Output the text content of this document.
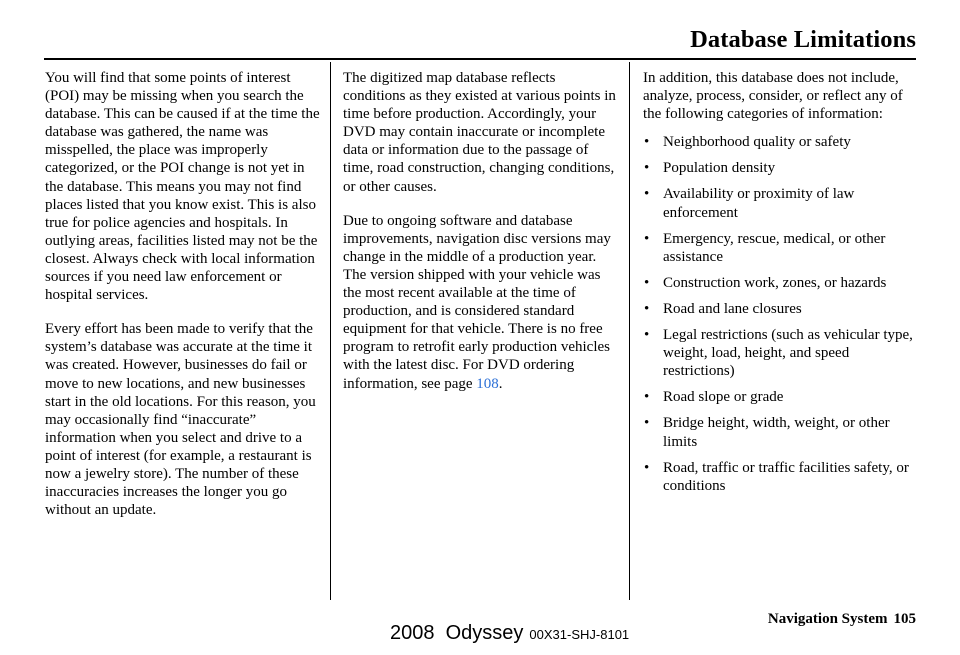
Database Limitations

You will find that some points of interest (POI) may be missing when you search the database. This can be caused if at the time the database was gathered, the name was misspelled, the place was improperly categorized, or the POI change is not yet in the database. This means you may not find places listed that you know exist. This is also true for police agencies and hospitals. In outlying areas, facilities listed may not be the closest. Always check with local information sources if you need law enforcement or hospital services.

Every effort has been made to verify that the system’s database was accurate at the time it was created. However, businesses do fail or move to new locations, and new businesses start in the old locations. For this reason, you may occasionally find “inaccurate” information when you select and drive to a point of interest (for example, a restaurant is now a jewelry store). The number of these inaccuracies increases the longer you go without an update.

The digitized map database reflects conditions as they existed at various points in time before production. Accordingly, your DVD may contain inaccurate or incomplete data or information due to the passage of time, road construction, changing conditions, or other causes.

Due to ongoing software and database improvements, navigation disc versions may change in the middle of a production year. The version shipped with your vehicle was the most recent available at the time of production, and is considered standard equipment for that vehicle. There is no free program to retrofit early production vehicles with the latest disc. For DVD ordering information, see page 108.

In addition, this database does not include, analyze, process, consider, or reflect any of the following categories of information:

• Neighborhood quality or safety
• Population density
• Availability or proximity of law enforcement
• Emergency, rescue, medical, or other assistance
• Construction work, zones, or hazards
• Road and lane closures
• Legal restrictions (such as vehicular type, weight, load, height, and speed restrictions)
• Road slope or grade
• Bridge height, width, weight, or other limits
• Road, traffic or traffic facilities safety, or conditions
Navigation System 105
2008  Odyssey 00X31-SHJ-8101
